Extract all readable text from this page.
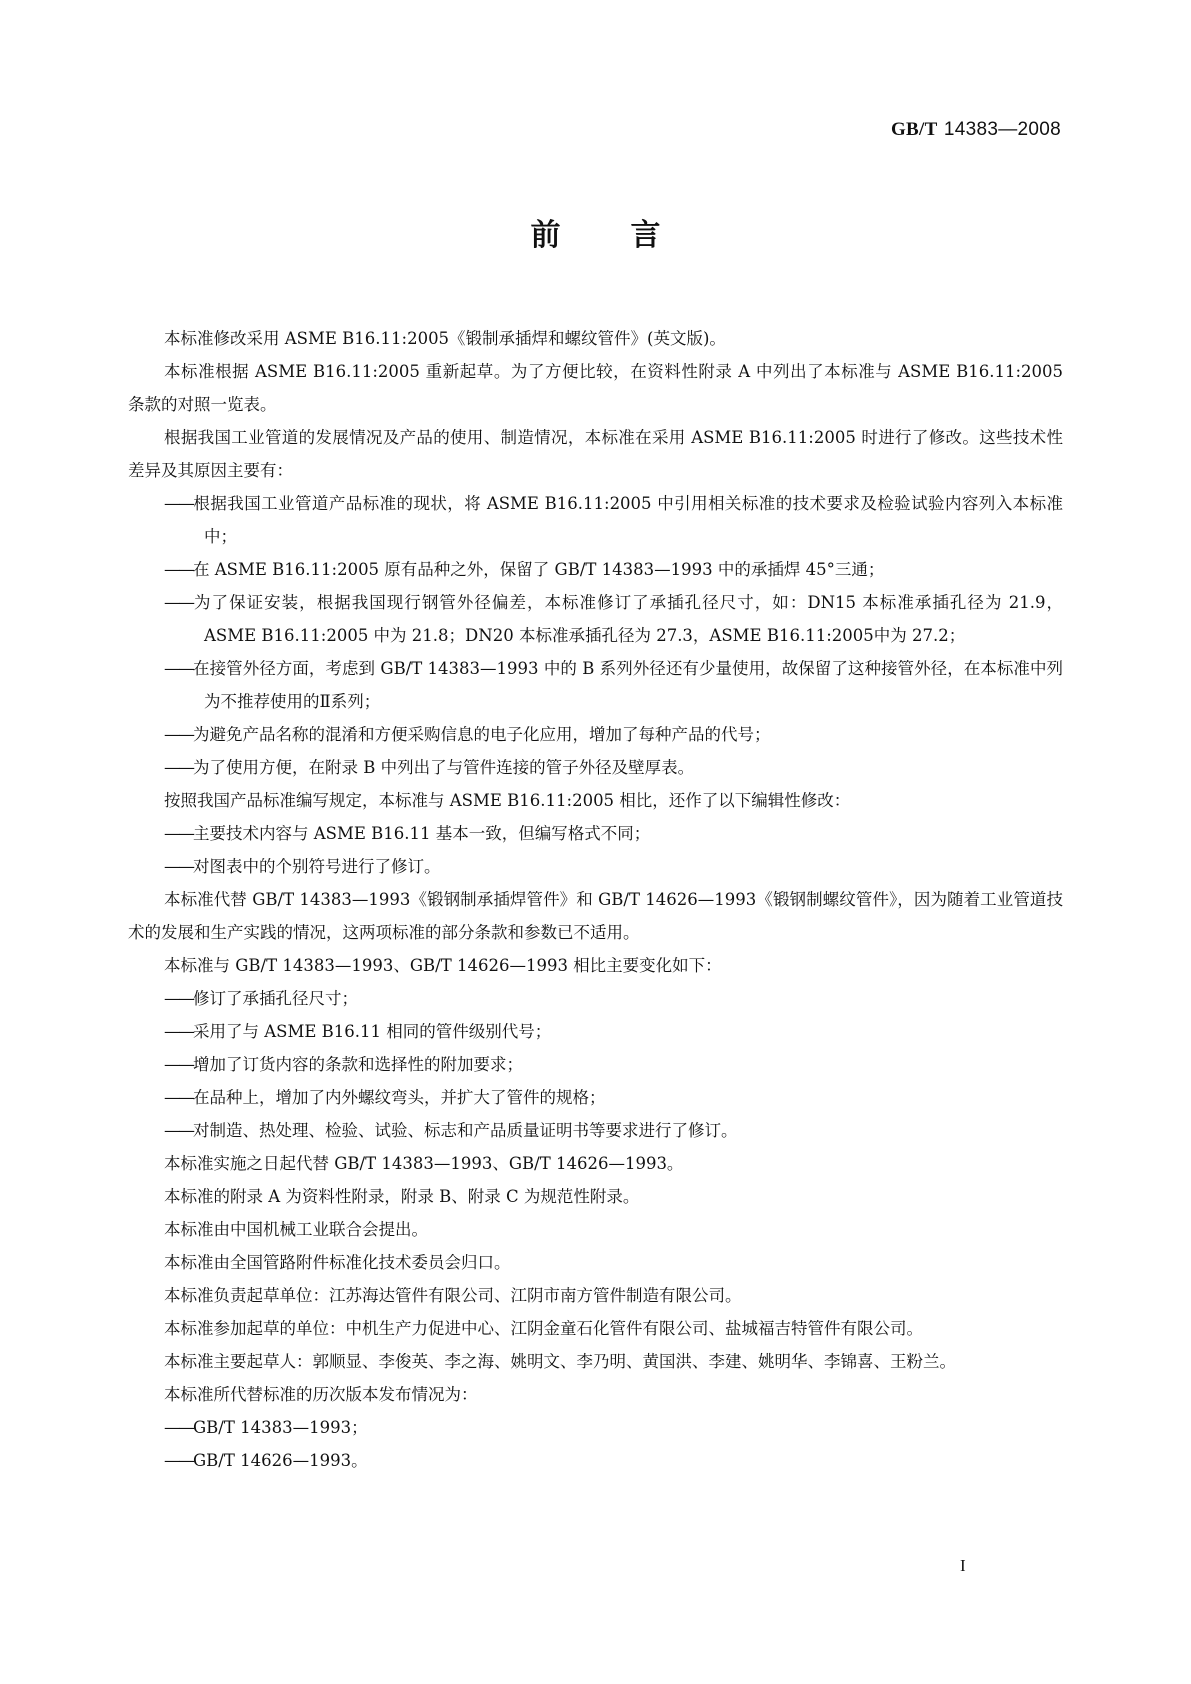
GB/T 14383—2008
前言

本标准修改采用 ASME B16.11:2005《锻制承插焊和螺纹管件》(英文版)。

本标准根据 ASME B16.11:2005 重新起草。为了方便比较，在资料性附录 A 中列出了本标准与 ASME B16.11:2005 条款的对照一览表。

根据我国工业管道的发展情况及产品的使用、制造情况，本标准在采用 ASME B16.11:2005 时进行了修改。这些技术性差异及其原因主要有：

——根据我国工业管道产品标准的现状，将 ASME B16.11:2005 中引用相关标准的技术要求及检验试验内容列入本标准中；

——在 ASME B16.11:2005 原有品种之外，保留了 GB/T 14383—1993 中的承插焊 45°三通；

——为了保证安装，根据我国现行钢管外径偏差，本标准修订了承插孔径尺寸，如：DN15 本标准承插孔径为 21.9，ASME B16.11:2005 中为 21.8；DN20 本标准承插孔径为 27.3，ASME B16.11:2005中为 27.2；

——在接管外径方面，考虑到 GB/T 14383—1993 中的 B 系列外径还有少量使用，故保留了这种接管外径，在本标准中列为不推荐使用的Ⅱ系列；

——为避免产品名称的混淆和方便采购信息的电子化应用，增加了每种产品的代号；

——为了使用方便，在附录 B 中列出了与管件连接的管子外径及壁厚表。

按照我国产品标准编写规定，本标准与 ASME B16.11:2005 相比，还作了以下编辑性修改：

——主要技术内容与 ASME B16.11 基本一致，但编写格式不同；

——对图表中的个别符号进行了修订。

本标准代替 GB/T 14383—1993《锻钢制承插焊管件》和 GB/T 14626—1993《锻钢制螺纹管件》，因为随着工业管道技术的发展和生产实践的情况，这两项标准的部分条款和参数已不适用。

本标准与 GB/T 14383—1993、GB/T 14626—1993 相比主要变化如下：

——修订了承插孔径尺寸；

——采用了与 ASME B16.11 相同的管件级别代号；

——增加了订货内容的条款和选择性的附加要求；

——在品种上，增加了内外螺纹弯头，并扩大了管件的规格；

——对制造、热处理、检验、试验、标志和产品质量证明书等要求进行了修订。

本标准实施之日起代替 GB/T 14383—1993、GB/T 14626—1993。

本标准的附录 A 为资料性附录，附录 B、附录 C 为规范性附录。

本标准由中国机械工业联合会提出。

本标准由全国管路附件标准化技术委员会归口。

本标准负责起草单位：江苏海达管件有限公司、江阴市南方管件制造有限公司。

本标准参加起草的单位：中机生产力促进中心、江阴金童石化管件有限公司、盐城福吉特管件有限公司。

本标准主要起草人：郭顺显、李俊英、李之海、姚明文、李乃明、黄国洪、李建、姚明华、李锦喜、王粉兰。

本标准所代替标准的历次版本发布情况为：

——GB/T 14383—1993；

——GB/T 14626—1993。

I
